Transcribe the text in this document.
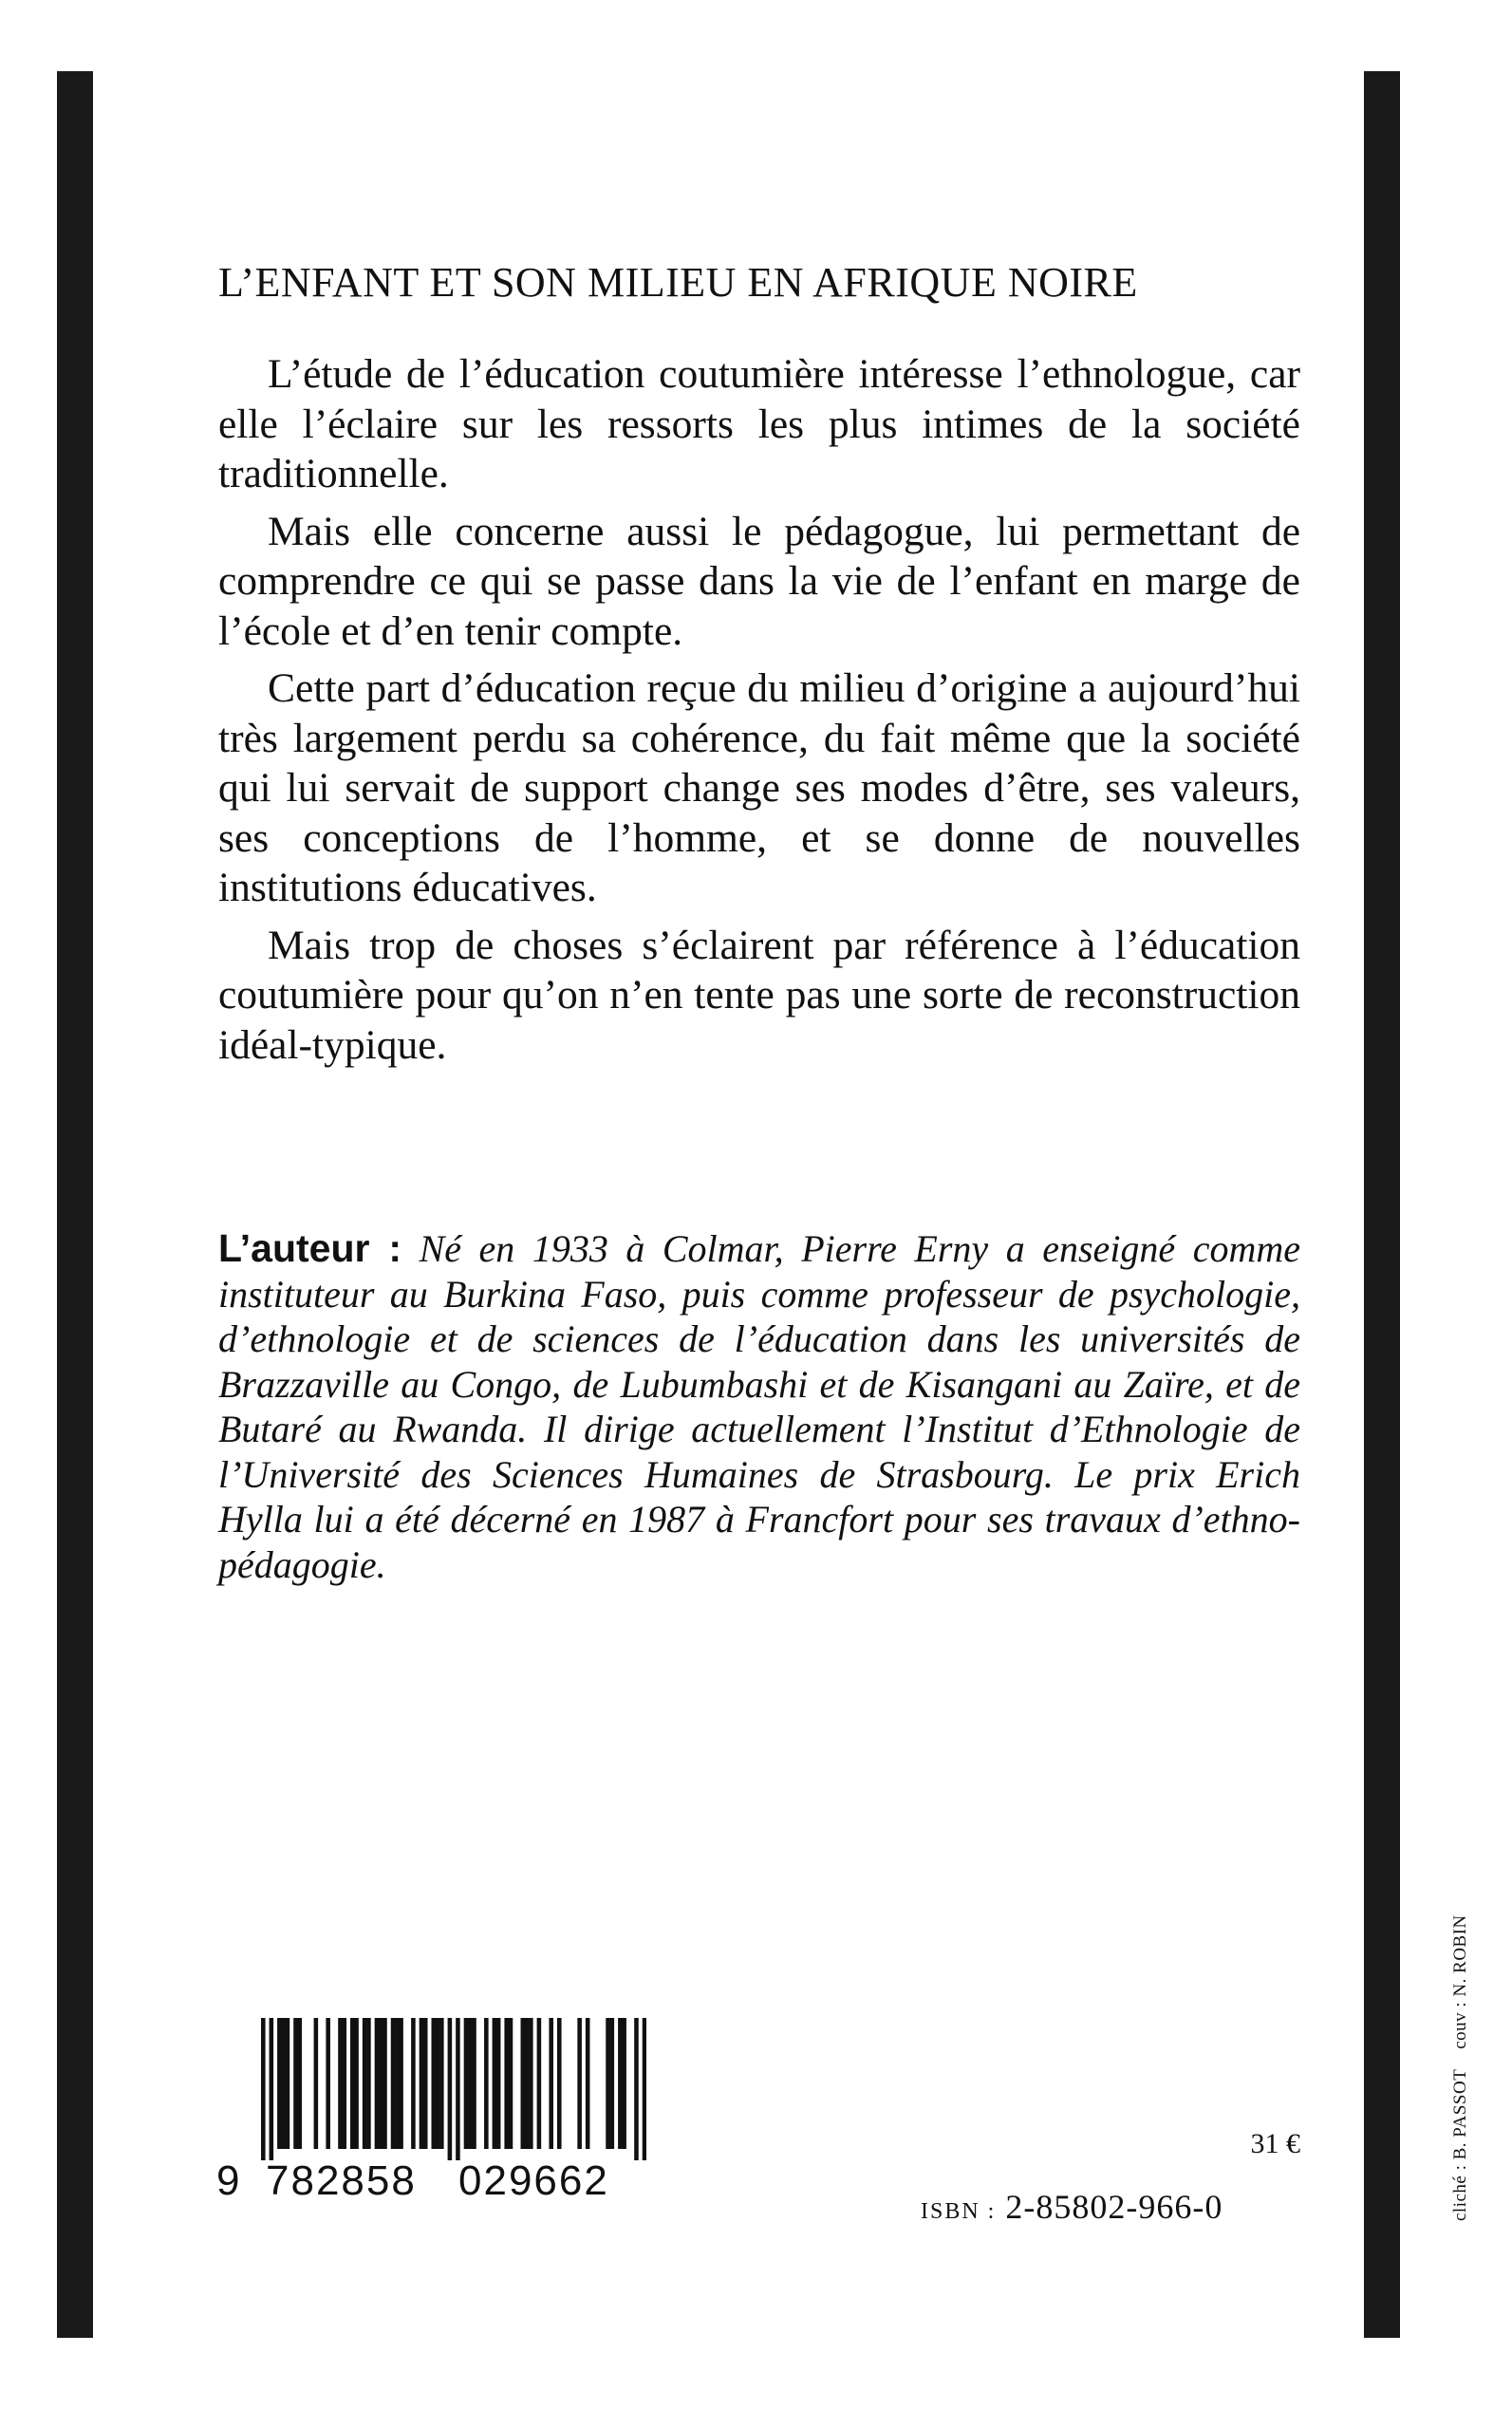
L’ENFANT ET SON MILIEU EN AFRIQUE NOIRE

L’étude de l’éducation coutumière intéresse l’ethnologue, car elle l’éclaire sur les ressorts les plus intimes de la société traditionnelle.

Mais elle concerne aussi le pédagogue, lui permettant de comprendre ce qui se passe dans la vie de l’enfant en marge de l’école et d’en tenir compte.

Cette part d’éducation reçue du milieu d’origine a aujourd’hui très largement perdu sa cohérence, du fait même que la société qui lui servait de support change ses modes d’être, ses valeurs, ses conceptions de l’homme, et se donne de nouvelles institutions éducatives.

Mais trop de choses s’éclairent par référence à l’éducation coutumière pour qu’on n’en tente pas une sorte de reconstruction idéal-typique.

L’auteur : Né en 1933 à Colmar, Pierre Erny a enseigné comme instituteur au Burkina Faso, puis comme professeur de psychologie, d’ethnologie et de sciences de l’éducation dans les universités de Brazzaville au Congo, de Lubumbashi et de Kisangani au Zaïre, et de Butaré au Rwanda. Il dirige actuellement l’Institut d’Ethnologie de l’Université des Sciences Humaines de Strasbourg. Le prix Erich Hylla lui a été décerné en 1987 à Francfort pour ses travaux d’ethno-pédagogie.
9 782858 029662
31 €
ISBN : 2-85802-966-0	cliché : B. PASSOT couv : N. ROBIN
